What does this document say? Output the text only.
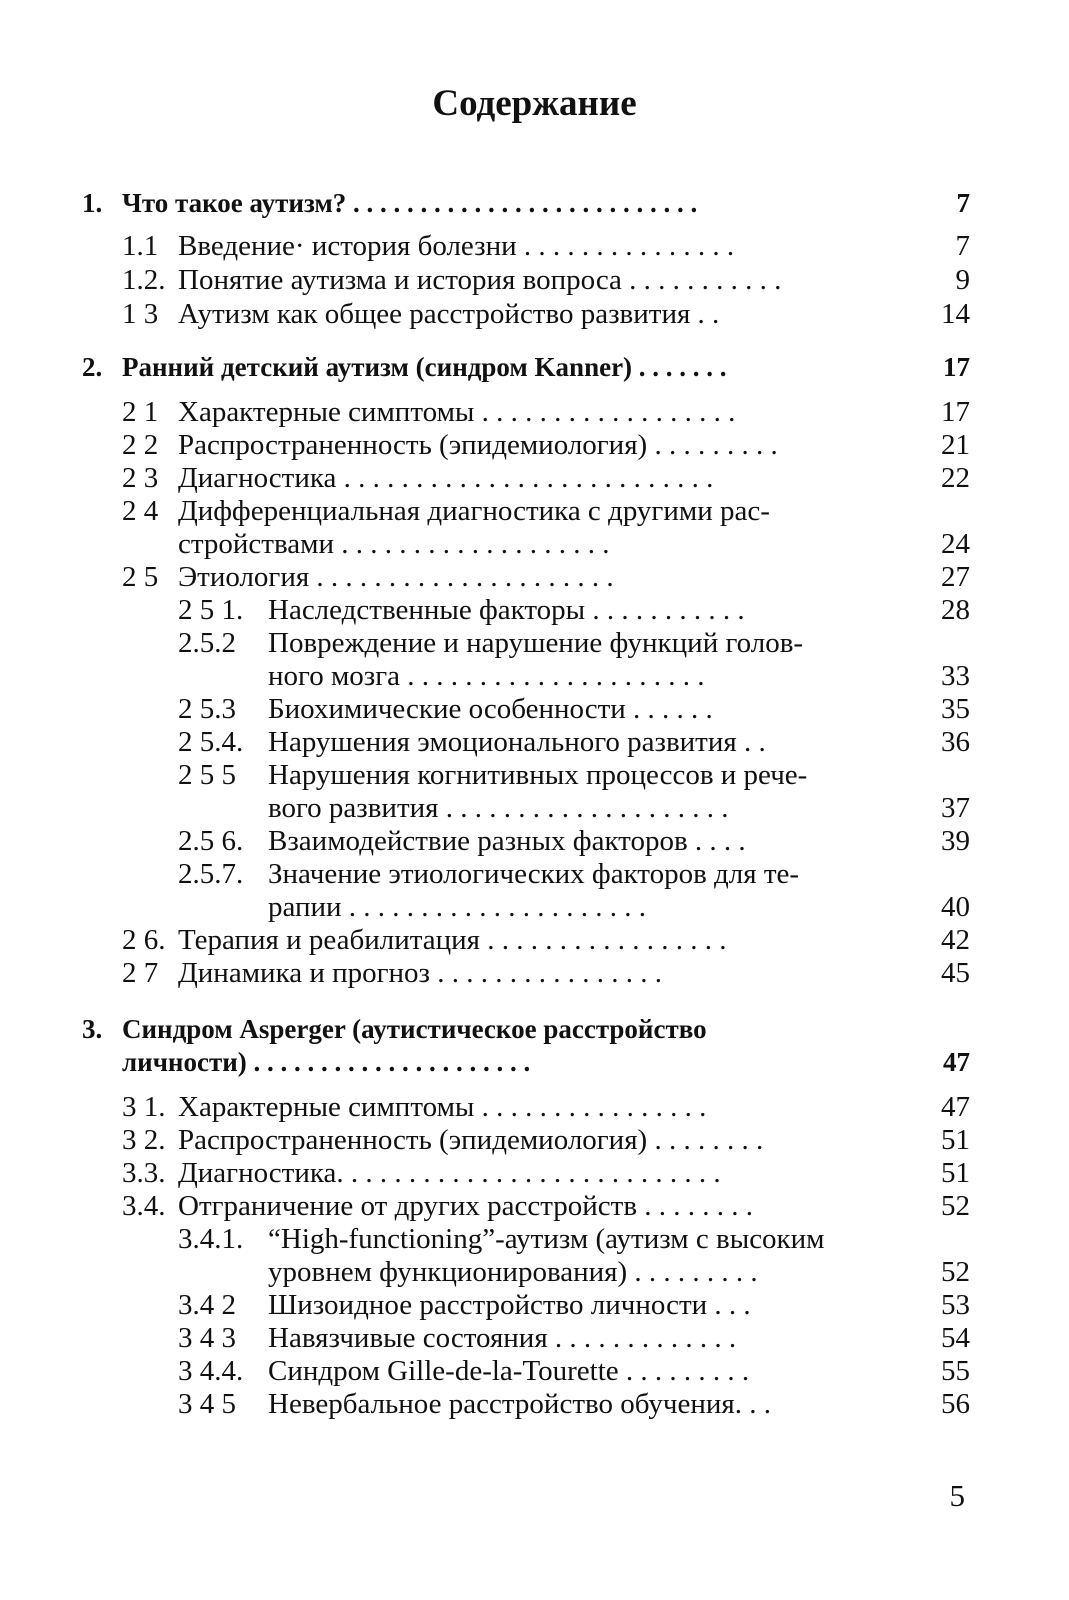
Содержание
1. Что такое аутизм? . . . . . . . . . . . . . . . . . . . . . . . . . .	7
1.1 Введение· история болезни . . . . . . . . . . . . . . .	7
1.2. Понятие аутизма и история вопроса . . . . . . . . . . .	9
1 3 Аутизм как общее расстройство развития . .	14
2. Ранний детский аутизм (синдром Kanner) . . . . . . .	17
2 1 Характерные симптомы . . . . . . . . . . . . . . . . . .	17
2 2 Распространенность (эпидемиология) . . . . . . . . .	21
2 3 Диагностика . . . . . . . . . . . . . . . . . . . . . . . . . .	22
2 4 Дифференциальная диагностика с другими рас-
стройствами . . . . . . . . . . . . . . . . . . .	24
2 5 Этиология . . . . . . . . . . . . . . . . . . . . .	27
2 5 1. Наследственные факторы . . . . . . . . . . .	28
2.5.2 Повреждение и нарушение функций голов-
ного мозга . . . . . . . . . . . . . . . . . . . . .	33
2 5.3 Биохимические особенности . . . . . .	35
2 5.4. Нарушения эмоционального развития . .	36
2 5 5 Нарушения когнитивных процессов и рече-
вого развития . . . . . . . . . . . . . . . . . . . .	37
2.5 6. Взаимодействие разных факторов . . . .	39
2.5.7. Значение этиологических факторов для те-
рапии . . . . . . . . . . . . . . . . . . . . .	40
2 6. Терапия и реабилитация . . . . . . . . . . . . . . . . .	42
2 7 Динамика и прогноз . . . . . . . . . . . . . . . .	45
3. Синдром Asperger (аутистическое расстройство
личности) . . . . . . . . . . . . . . . . . . . . .	47
3 1. Характерные симптомы . . . . . . . . . . . . . . . .	47
3 2. Распространенность (эпидемиология) . . . . . . . .	51
3.3. Диагностика. . . . . . . . . . . . . . . . . . . . . . . . . . .	51
3.4. Отграничение от других расстройств . . . . . . . .	52
3.4.1. “High-functioning”-аутизм (аутизм с высоким
уровнем функционирования) . . . . . . . . .	52
3.4 2 Шизоидное расстройство личности . . .	53
3 4 3 Навязчивые состояния . . . . . . . . . . . . .	54
3 4.4. Синдром Gille-de-la-Tourette . . . . . . . . .	55
3 4 5 Невербальное расстройство обучения. . .	56
5
